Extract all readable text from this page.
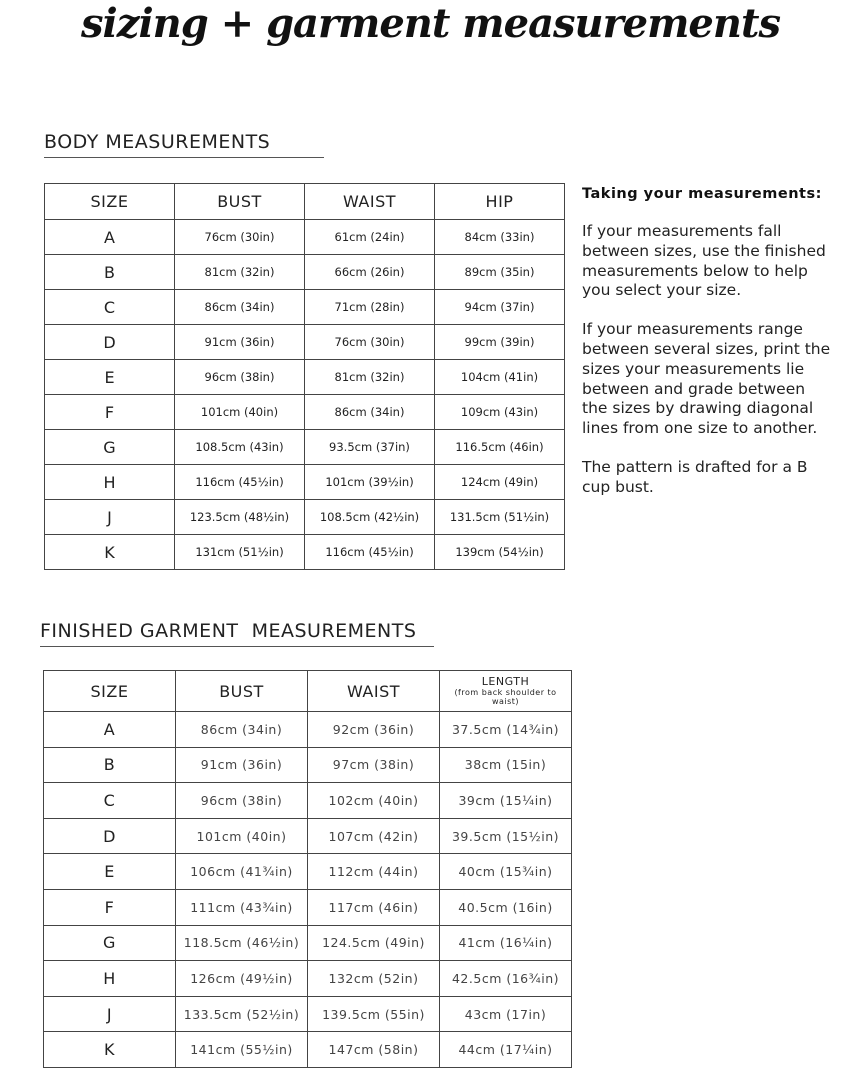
sizing + garment measurements
BODY MEASUREMENTS
SIZE	BUST	WAIST	HIP
A	76cm (30in)	61cm (24in)	84cm (33in)
B	81cm (32in)	66cm (26in)	89cm (35in)
C	86cm (34in)	71cm (28in)	94cm (37in)
D	91cm (36in)	76cm (30in)	99cm (39in)
E	96cm (38in)	81cm (32in)	104cm (41in)
F	101cm (40in)	86cm (34in)	109cm (43in)
G	108.5cm (43in)	93.5cm (37in)	116.5cm (46in)
H	116cm (45½in)	101cm (39½in)	124cm (49in)
J	123.5cm (48½in)	108.5cm (42½in)	131.5cm (51½in)
K	131cm (51½in)	116cm (45½in)	139cm (54½in)
Taking your measurements:

If your measurements fall between sizes, use the finished measurements below to help you select your size.

If your measurements range between several sizes, print the sizes your measurements lie between and grade between the sizes by drawing diagonal lines from one size to another.

The pattern is drafted for a B cup bust.

FINISHED GARMENT  MEASUREMENTS
SIZE	BUST	WAIST	LENGTH
(from back shoulder to waist)

A	86cm (34in)	92cm (36in)	37.5cm (14¾in)
B	91cm (36in)	97cm (38in)	38cm (15in)
C	96cm (38in)	102cm (40in)	39cm (15¼in)
D	101cm (40in)	107cm (42in)	39.5cm (15½in)
E	106cm (41¾in)	112cm (44in)	40cm (15¾in)
F	111cm (43¾in)	117cm (46in)	40.5cm (16in)
G	118.5cm (46½in)	124.5cm (49in)	41cm (16¼in)
H	126cm (49½in)	132cm (52in)	42.5cm (16¾in)
J	133.5cm (52½in)	139.5cm (55in)	43cm (17in)
K	141cm (55½in)	147cm (58in)	44cm (17¼in)
